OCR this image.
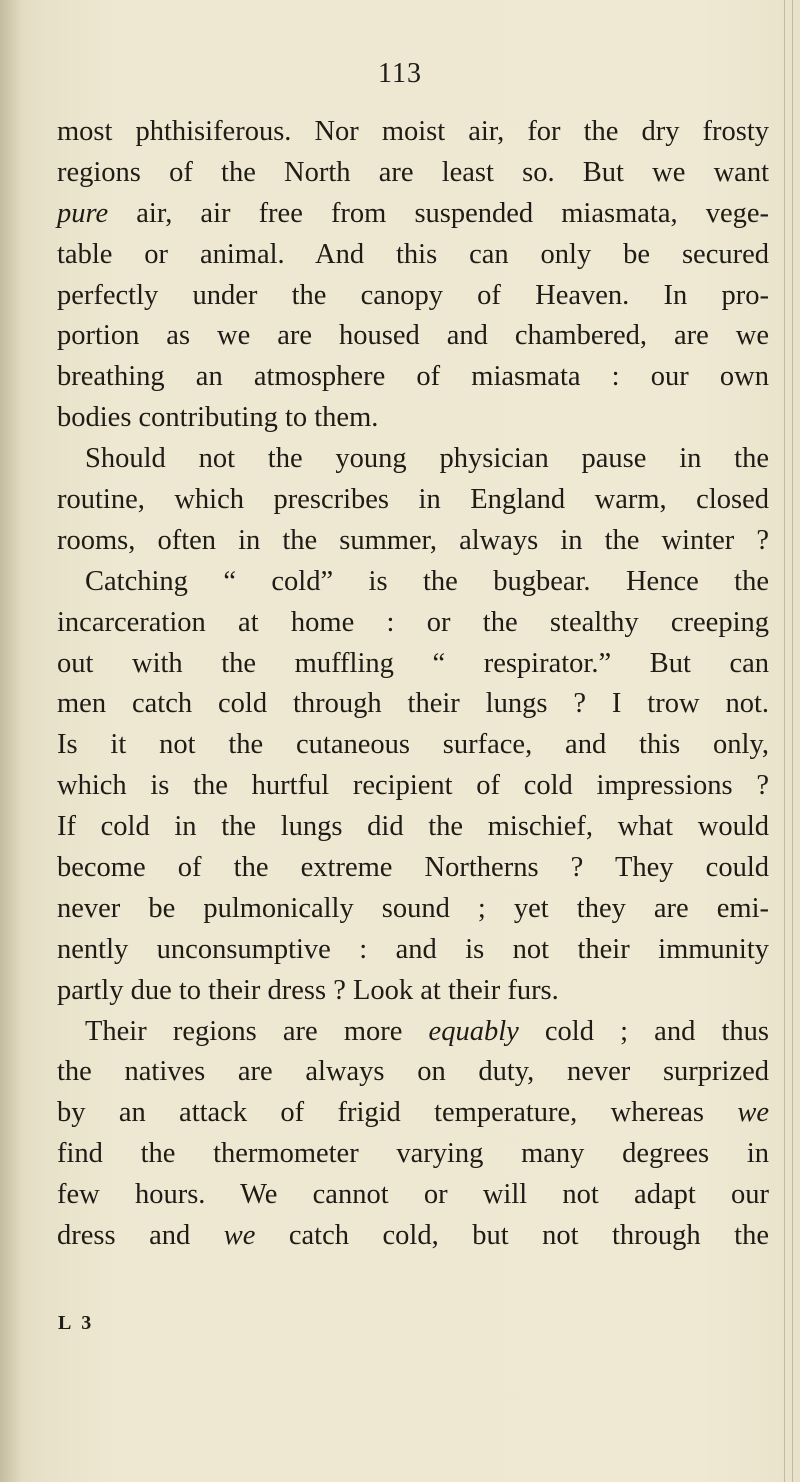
113
most phthisiferous. Nor moist air, for the dry frosty
regions of the North are least so. But we want
pure air, air free from suspended miasmata, vege-
table or animal. And this can only be secured
perfectly under the canopy of Heaven. In pro-
portion as we are housed and chambered, are we
breathing an atmosphere of miasmata : our own
bodies contributing to them.
Should not the young physician pause in the
routine, which prescribes in England warm, closed
rooms, often in the summer, always in the winter ?
Catching “ cold” is the bugbear. Hence the
incarceration at home : or the stealthy creeping
out with the muffling “ respirator.” But can
men catch cold through their lungs ? I trow not.
Is it not the cutaneous surface, and this only,
which is the hurtful recipient of cold impressions ?
If cold in the lungs did the mischief, what would
become of the extreme Northerns ? They could
never be pulmonically sound ; yet they are emi-
nently unconsumptive : and is not their immunity
partly due to their dress ? Look at their furs.
Their regions are more equably cold ; and thus
the natives are always on duty, never surprized
by an attack of frigid temperature, whereas we
find the thermometer varying many degrees in
few hours. We cannot or will not adapt our
dress and we catch cold, but not through the
L 3
